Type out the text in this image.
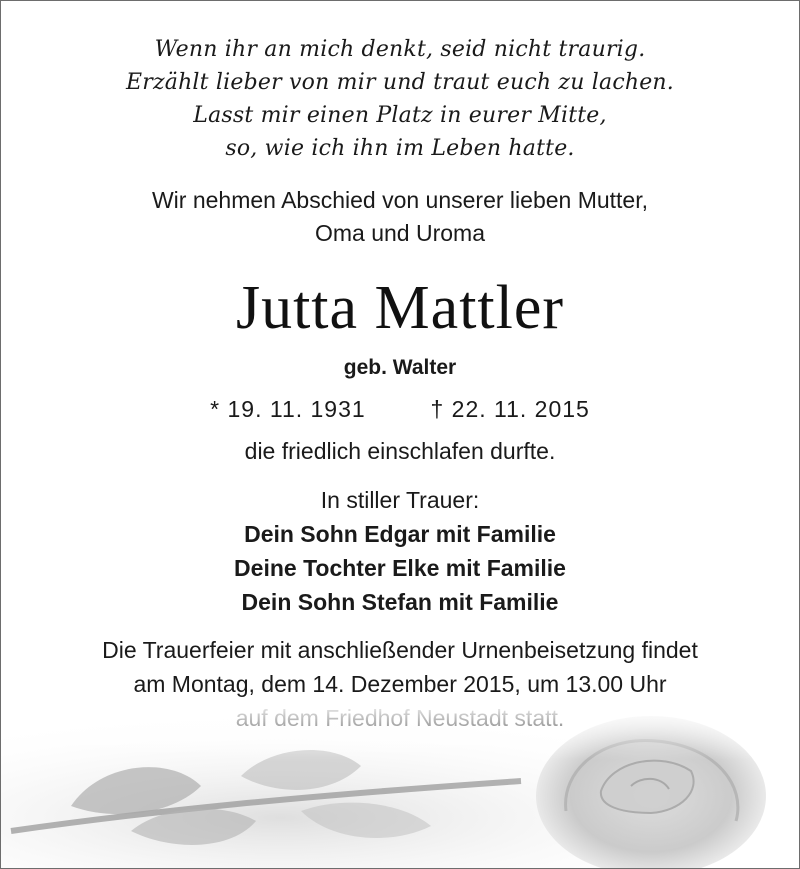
Wenn ihr an mich denkt, seid nicht traurig.
Erzählt lieber von mir und traut euch zu lachen.
Lasst mir einen Platz in eurer Mitte,
so, wie ich ihn im Leben hatte.
Wir nehmen Abschied von unserer lieben Mutter,
Oma und Uroma
Jutta Mattler
geb. Walter
* 19. 11. 1931	† 22. 11. 2015
die friedlich einschlafen durfte.
In stiller Trauer:
Dein Sohn Edgar mit Familie
Deine Tochter Elke mit Familie
Dein Sohn Stefan mit Familie
Die Trauerfeier mit anschließender Urnenbeisetzung findet
am Montag, dem 14. Dezember 2015, um 13.00 Uhr
